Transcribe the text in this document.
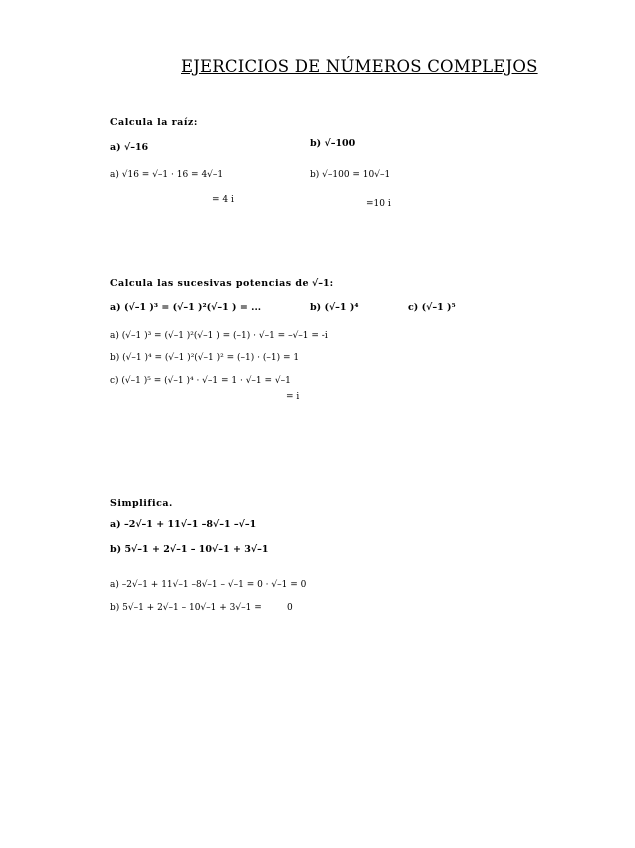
EJERCICIOS DE NÚMEROS COMPLEJOS
Calcula la raíz:
a) √–16	b) √–100
a) √16 = √–1 · 16 = 4√–1
= 4 i
b) √–100 = 10√–1
=10 i
Calcula las sucesivas potencias de √–1:
a) (√–1 )³ = (√–1 )²(√–1 ) = ...	b) (√–1 )⁴	c) (√–1 )⁵
a) (√–1 )³ = (√–1 )²(√–1 ) = (–1) · √–1 = –√–1 = -i
b) (√–1 )⁴ = (√–1 )²(√–1 )² = (–1) · (–1) = 1
c) (√–1 )⁵ = (√–1 )⁴ · √–1 = 1 · √–1 = √–1
= i
Simplifica.
a) –2√–1 + 11√–1 –8√–1 –√–1
b) 5√–1 + 2√–1 – 10√–1 + 3√–1
a) –2√–1 + 11√–1 –8√–1 – √–1 = 0 · √–1 = 0
b) 5√–1 + 2√–1 – 10√–1 + 3√–1 =	0
